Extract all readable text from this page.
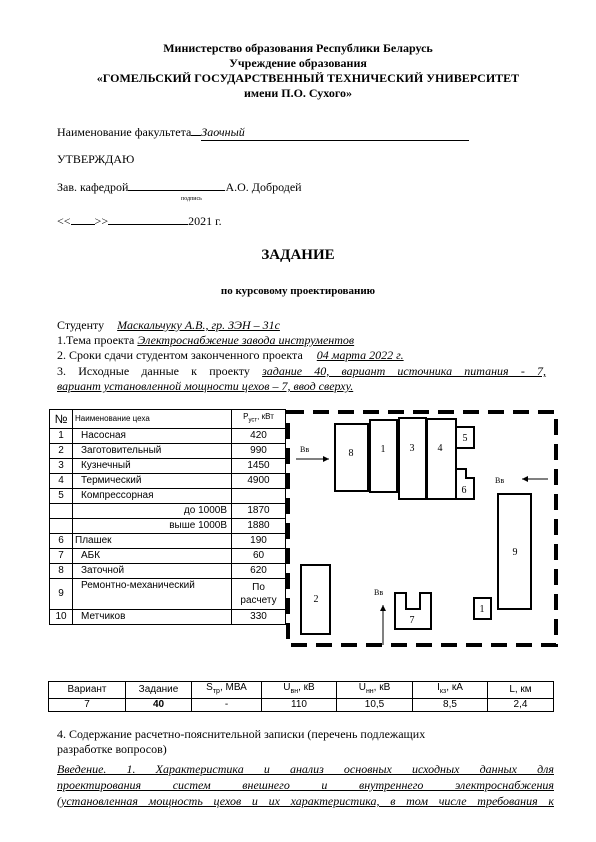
Министерство образования Республики Беларусь
Учреждение образования
«ГОМЕЛЬСКИЙ ГОСУДАРСТВЕННЫЙ ТЕХНИЧЕСКИЙ УНИВЕРСИТЕТ
имени П.О. Сухого»
Наименование факультета Заочный
УТВЕРЖДАЮ
Зав. кафедрой	А.О. Добродей
подпись
<< >>	2021 г.
ЗАДАНИЕ
по курсовому проектированию
Студенту Маскальчуку А.В., гр. ЗЭН – 31с
1.Тема проекта Электроснабжение завода инструментов
2. Сроки сдачи студентом законченного проекта 04 марта 2022 г.
3. Исходные данные к проекту задание 40, вариант источника питания - 7,
вариант установленной мощности цехов – 7, ввод сверху.
№	Наименование цеха	$P_{уст}$, кВт
1	Насосная	420
2	Заготовительный	990
3	Кузнечный	1450
4	Термический	4900
5	Компрессорная	
	до 1000В	1870
	выше 1000В	1880
6	Плашек	190
7	АБК	60
8	Заточной	620
9	Ремонтно-механический	По
расчету
10	Метчиков	330
8	1 3 4
5
6
9
2
7
1
Вв
Вв
Вв
Вариант	Задание	$S_{тр}$, МВА	$U_{вн}$, кВ	$U_{нн}$, кВ	$I_{кз}$, кА	L, км
7	40	-	110	10,5	8,5	2,4
4. Содержание расчетно-пояснительной записки (перечень подлежащих
разработке вопросов)
Введение. 1. Характеристика и анализ основных исходных данных для
проектирования систем внешнего и внутреннего электроснабжения
(установленная мощность цехов и их характеристика, в том числе требования к
